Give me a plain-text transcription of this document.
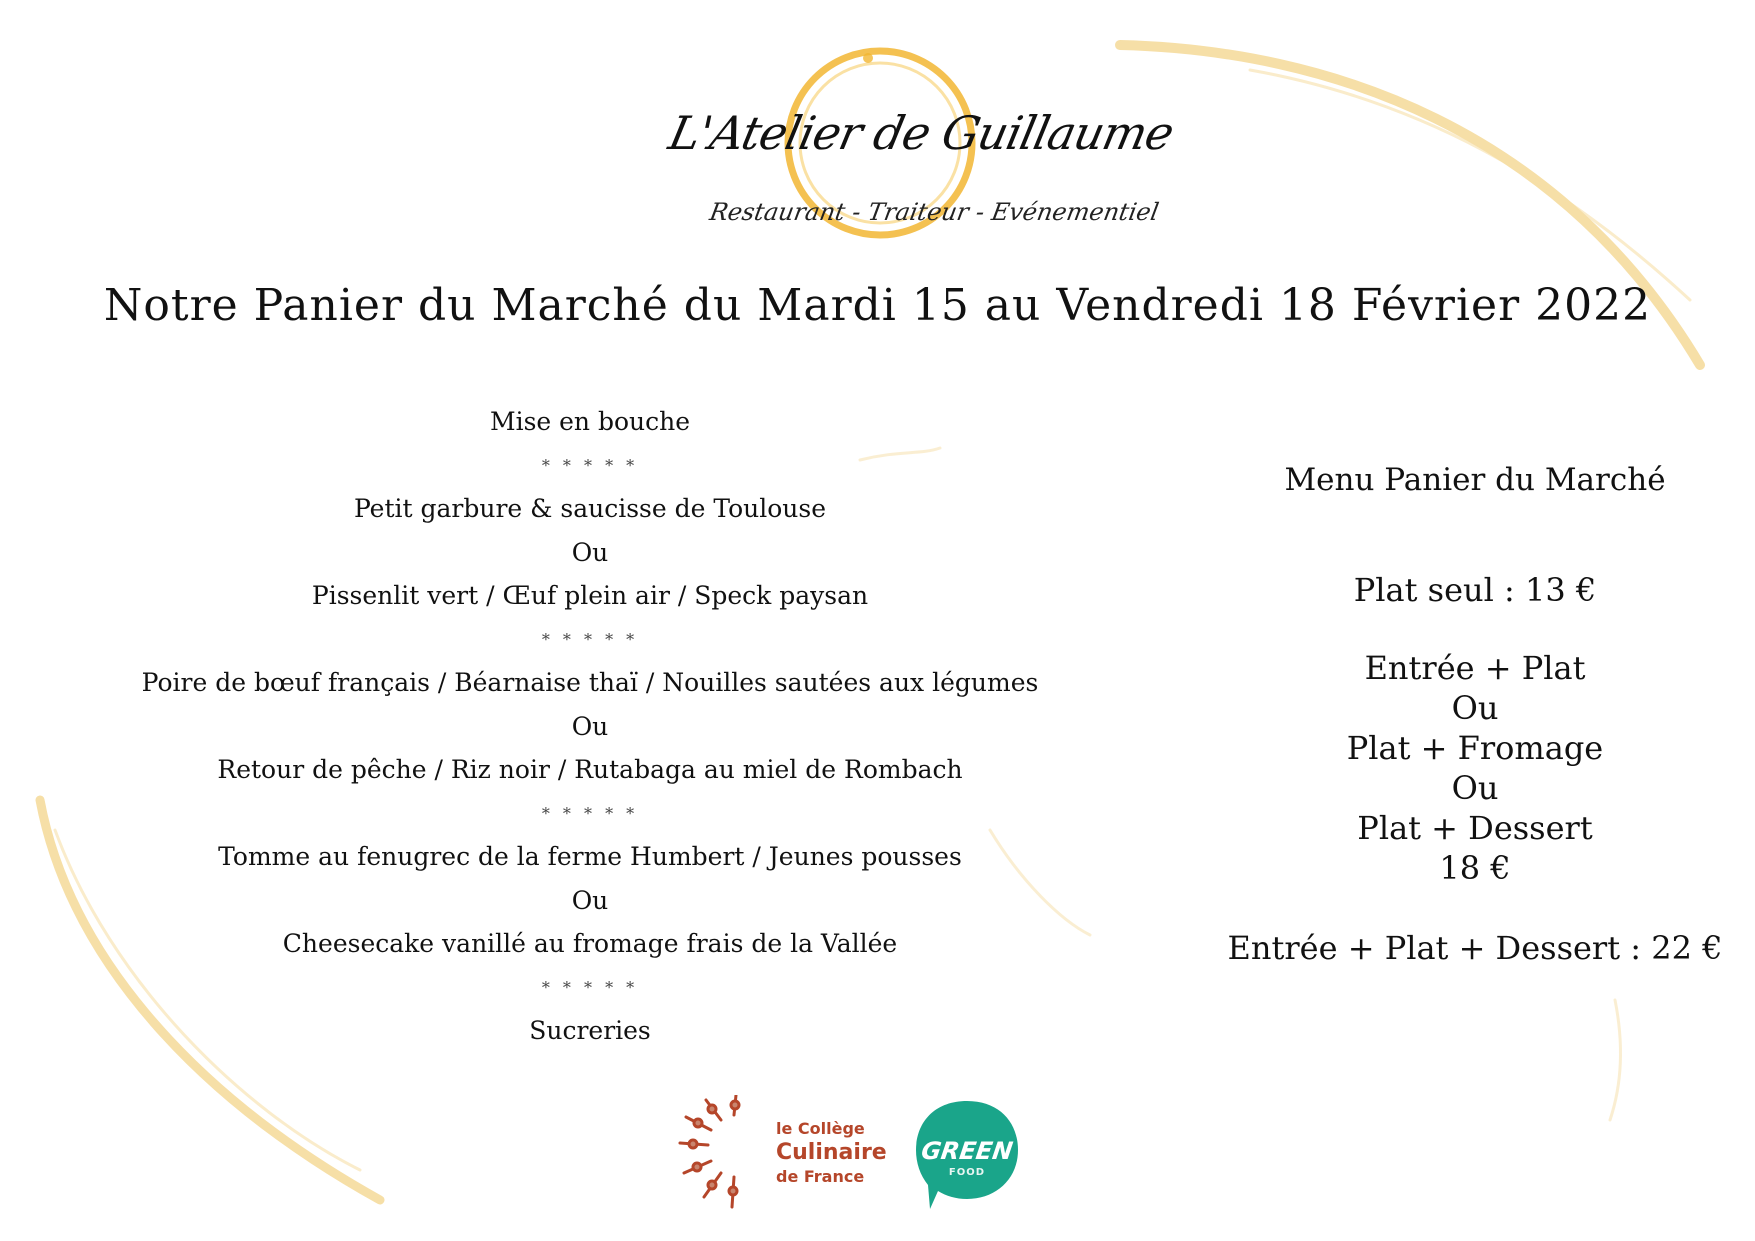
L'Atelier de Guillaume
Restaurant - Traiteur - Evénementiel
Notre Panier du Marché du Mardi 15 au Vendredi 18 Février 2022
Mise en bouche
* * * * *
Petit garbure & saucisse de Toulouse
Ou
Pissenlit vert / Œuf plein air / Speck paysan
* * * * *
Poire de bœuf français / Béarnaise thaï / Nouilles sautées aux légumes
Ou
Retour de pêche / Riz noir / Rutabaga au miel de Rombach
* * * * *
Tomme au fenugrec de la ferme Humbert / Jeunes pousses
Ou
Cheesecake vanillé au fromage frais de la Vallée
* * * * *
Sucreries
Menu Panier du Marché
Plat seul : 13 €
Entrée + Plat
Ou
Plat + Fromage
Ou
Plat + Dessert
18 €
Entrée + Plat + Dessert : 22 €
le Collège
Culinaire
de France
GREEN
FOOD
